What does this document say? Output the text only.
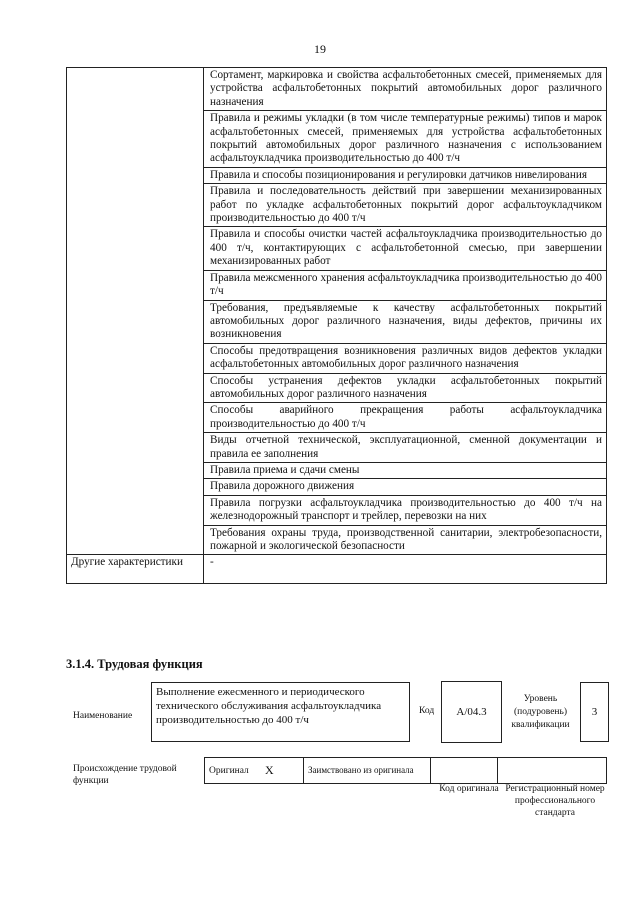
19
	Сортамент, маркировка и свойства асфальтобетонных смесей, применяемых для устройства асфальтобетонных покрытий автомобильных дорог различного назначения
	Правила и режимы укладки (в том числе температурные режимы) типов и марок асфальтобетонных смесей, применяемых для устройства асфальтобетонных покрытий автомобильных дорог различного назначения с использованием асфальтоукладчика производительностью до 400 т/ч
	Правила и способы позиционирования и регулировки датчиков нивелирования
	Правила и последовательность действий при завершении механизированных работ по укладке асфальтобетонных покрытий дорог асфальтоукладчиком производительностью до 400 т/ч
	Правила и способы очистки частей асфальтоукладчика производительностью до 400 т/ч, контактирующих с асфальтобетонной смесью, при завершении механизированных работ
	Правила межсменного хранения асфальтоукладчика производительностью до 400 т/ч
	Требования, предъявляемые к качеству асфальтобетонных покрытий автомобильных дорог различного назначения, виды дефектов, причины их возникновения
	Способы предотвращения возникновения различных видов дефектов укладки асфальтобетонных автомобильных дорог различного назначения
	Способы устранения дефектов укладки асфальтобетонных покрытий автомобильных дорог различного назначения
	Способы аварийного прекращения работы асфальтоукладчика производительностью до 400 т/ч
	Виды отчетной технической, эксплуатационной, сменной документации и правила ее заполнения
	Правила приема и сдачи смены
	Правила дорожного движения
	Правила погрузки асфальтоукладчика производительностью до 400 т/ч на железнодорожный транспорт и трейлер, перевозки на них
	Требования охраны труда, производственной санитарии, электробезопасности, пожарной и экологической безопасности
Другие характеристики	-
3.1.4. Трудовая функция
Наименование
Выполнение ежесменного и периодического технического обслуживания асфальтоукладчика производительностью до 400 т/ч
Код	А/04.3
Уровень (подуровень) квалификации
3
Происхождение трудовой функции
Оригинал	Х	Заимствовано из оригинала		
Код оригинала Регистрационный номер профессионального стандарта
